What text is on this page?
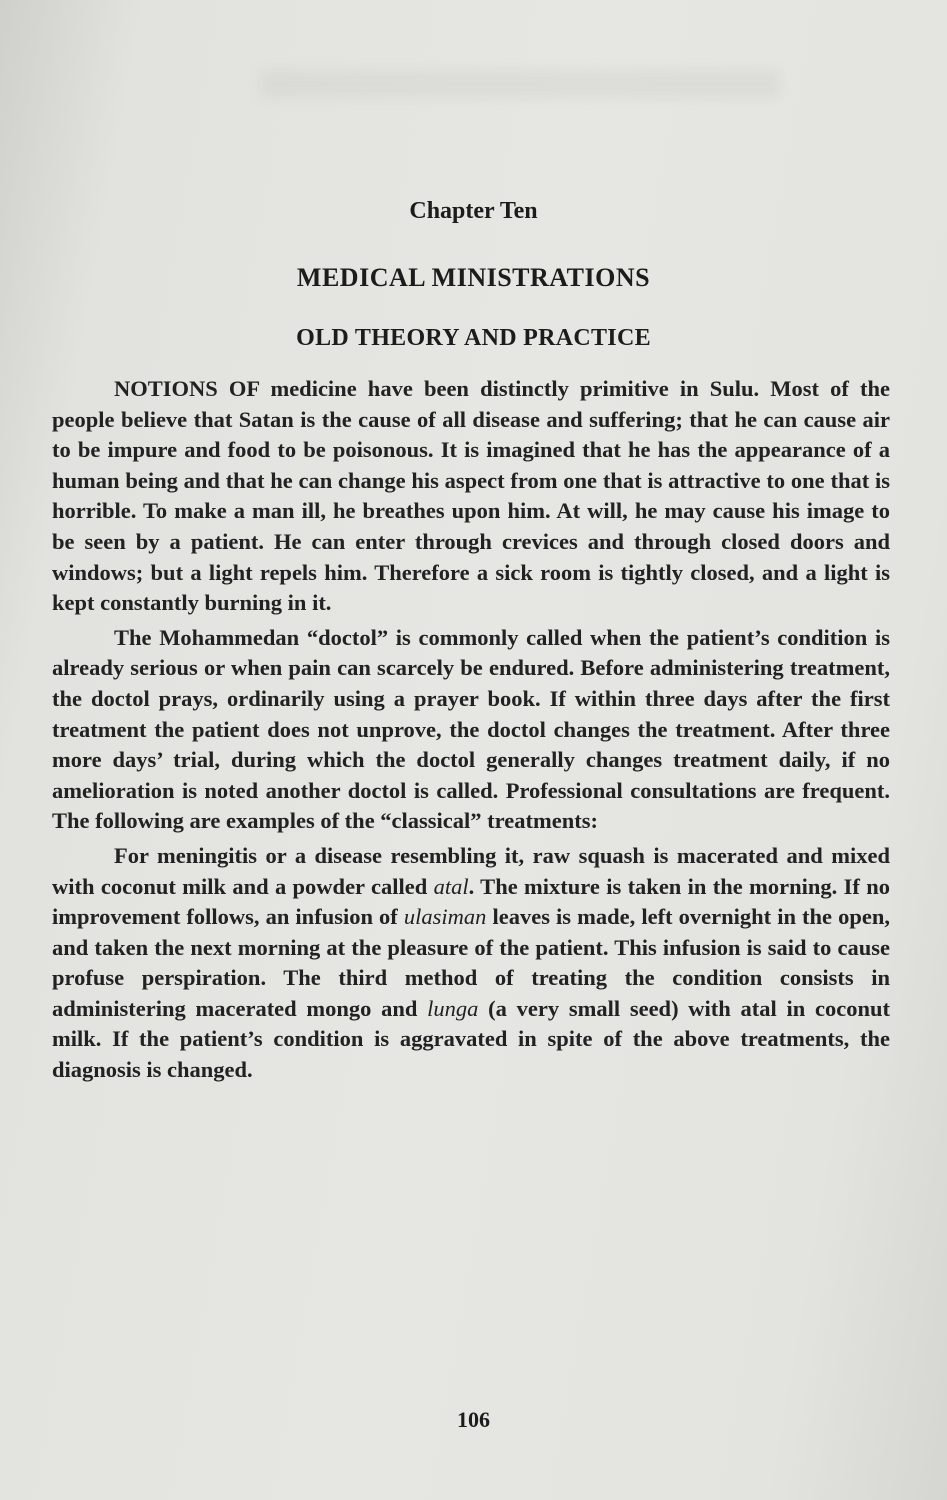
Chapter Ten
MEDICAL MINISTRATIONS
OLD THEORY AND PRACTICE

NOTIONS OF medicine have been distinctly primitive in Sulu. Most of the people believe that Satan is the cause of all disease and suffering; that he can cause air to be impure and food to be poisonous. It is imagined that he has the appearance of a human being and that he can change his aspect from one that is attractive to one that is horrible. To make a man ill, he breathes upon him. At will, he may cause his image to be seen by a patient. He can enter through crevices and through closed doors and windows; but a light repels him. Therefore a sick room is tightly closed, and a light is kept constantly burning in it.

The Mohammedan “doctol” is commonly called when the patient’s condition is already serious or when pain can scarcely be endured. Before administering treatment, the doctol prays, ordinarily using a prayer book. If within three days after the first treatment the patient does not unprove, the doctol changes the treatment. After three more days’ trial, during which the doctol generally changes treatment daily, if no amelioration is noted another doctol is called. Professional consultations are frequent. The following are examples of the “classical” treatments:

For meningitis or a disease resembling it, raw squash is macerated and mixed with coconut milk and a powder called atal. The mixture is taken in the morning. If no improvement follows, an infusion of ulasiman leaves is made, left overnight in the open, and taken the next morning at the pleasure of the patient. This infusion is said to cause profuse perspiration. The third method of treating the condition consists in administering macerated mongo and lunga (a very small seed) with atal in coconut milk. If the patient’s condition is aggravated in spite of the above treatments, the diagnosis is changed.

106
